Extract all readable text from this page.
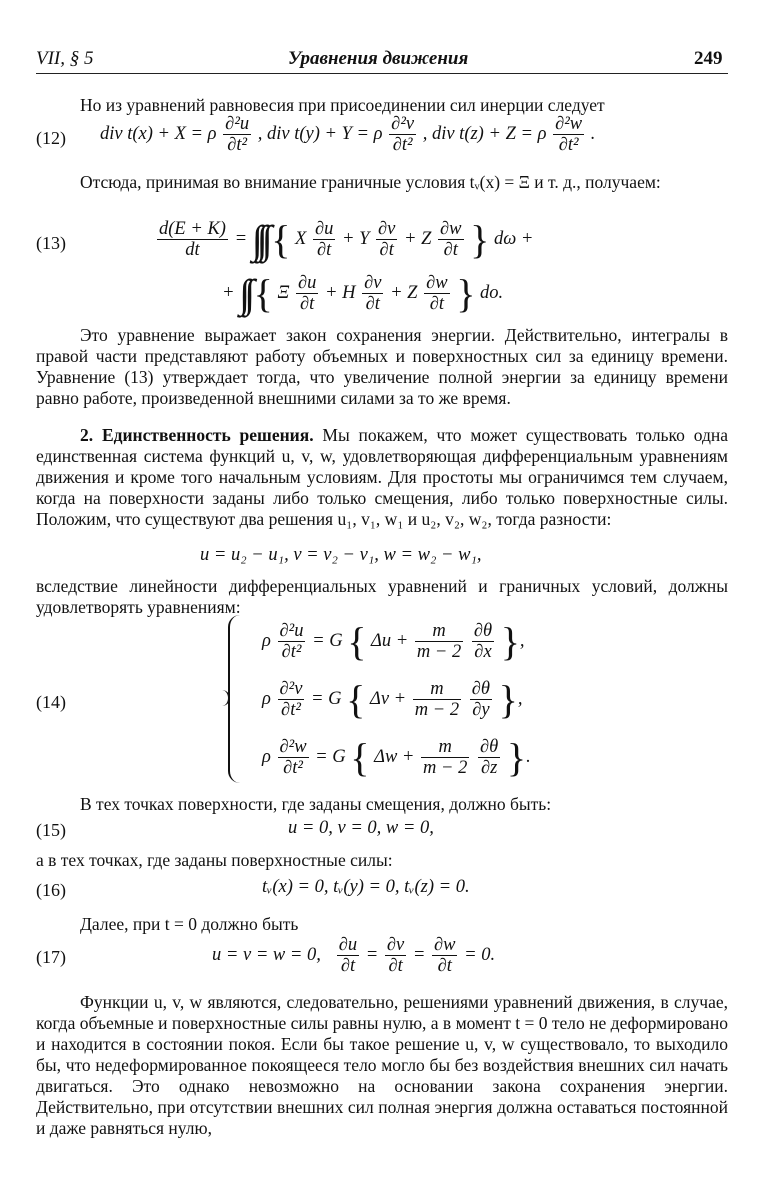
VII, § 5	Уравнения движения	249
Но из уравнений равновесия при присоединении сил инерции следует
(12) div t(x) + X = ρ $\frac{\text{∂²u}}{\text{∂t²}}$ , div t(y) + Y = ρ $\frac{\text{∂²v}}{\text{∂t²}}$ , div t(z) + Z = ρ $\frac{\text{∂²w}}{\text{∂t²}}$ .
Отсюда, принимая во внимание граничные условия tᵥ(x) = Ξ и т. д., получаем:
(13)	$\frac{d(E + K)}{dt}$ = ∫∫∫ { X $\frac{\partial u}{\partial t} + Y \frac{\partial v}{\partial t} + Z \frac{\partial w}{\partial t}$ } dω +
+ ∫∫ { Ξ $\frac{\partial u}{\partial t} + H \frac{\partial v}{\partial t} + Z \frac{\partial w}{\partial t}$ } do.
Это уравнение выражает закон сохранения энергии. Действительно, интегралы в правой части представляют работу объемных и поверхностных сил за единицу времени. Уравнение (13) утверждает тогда, что увеличение полной энергии за единицу времени равно работе, произведенной внешними силами за то же время.
2. Единственность решения. Мы покажем, что может существовать только одна единственная система функций u, v, w, удовлетворяющая дифференциальным уравнениям движения и кроме того начальным условиям. Для простоты мы ограничимся тем случаем, когда на поверхности заданы либо только смещения, либо только поверхностные силы. Положим, что существуют два решения u₁, v₁, w₁ и u₂, v₂, w₂, тогда разности:
u = u₂ − u₁, v = v₂ − v₁, w = w₂ − w₁,
вследствие линейности дифференциальных уравнений и граничных условий, должны удовлетворять уравнениям:
(14)
ρ $\frac{\text{∂²u}}{\text{∂t²}} = G$ { $\Delta u + \frac{m}{m - 2}$
$\frac{\partial\theta}{\partial x}$ },
ρ $\frac{\text{∂²v}}{\text{∂t²}} = G$ { $\Delta v + \frac{m}{m - 2}$
$\frac{\partial\theta}{\partial y}$ },
ρ $\frac{\text{∂²w}}{\text{∂t²}} = G$ { $\Delta w + \frac{m}{m - 2}$
$\frac{\partial\theta}{\partial z}$ }.
В тех точках поверхности, где заданы смещения, должно быть:
(15)	u = 0, v = 0, w = 0,
а в тех точках, где заданы поверхностные силы:
(16)	tᵥ(x) = 0, tᵥ(y) = 0, tᵥ(z) = 0.
Далее, при t = 0 должно быть
(17)	u = v = w = 0, $\frac{\partial u}{\partial t} = \frac{\partial v}{\partial t} = \frac{\partial w}{\partial t} = 0$.
Функции u, v, w являются, следовательно, решениями уравнений движения, в случае, когда объемные и поверхностные силы равны нулю, а в момент t = 0 тело не деформировано и находится в состоянии покоя. Если бы такое решение u, v, w существовало, то выходило бы, что недеформированное покоящееся тело могло бы без воздействия внешних сил начать двигаться. Это однако невозможно на основании закона сохранения энергии. Действительно, при отсутствии внешних сил полная энергия должна оставаться постоянной и даже равняться нулю,
